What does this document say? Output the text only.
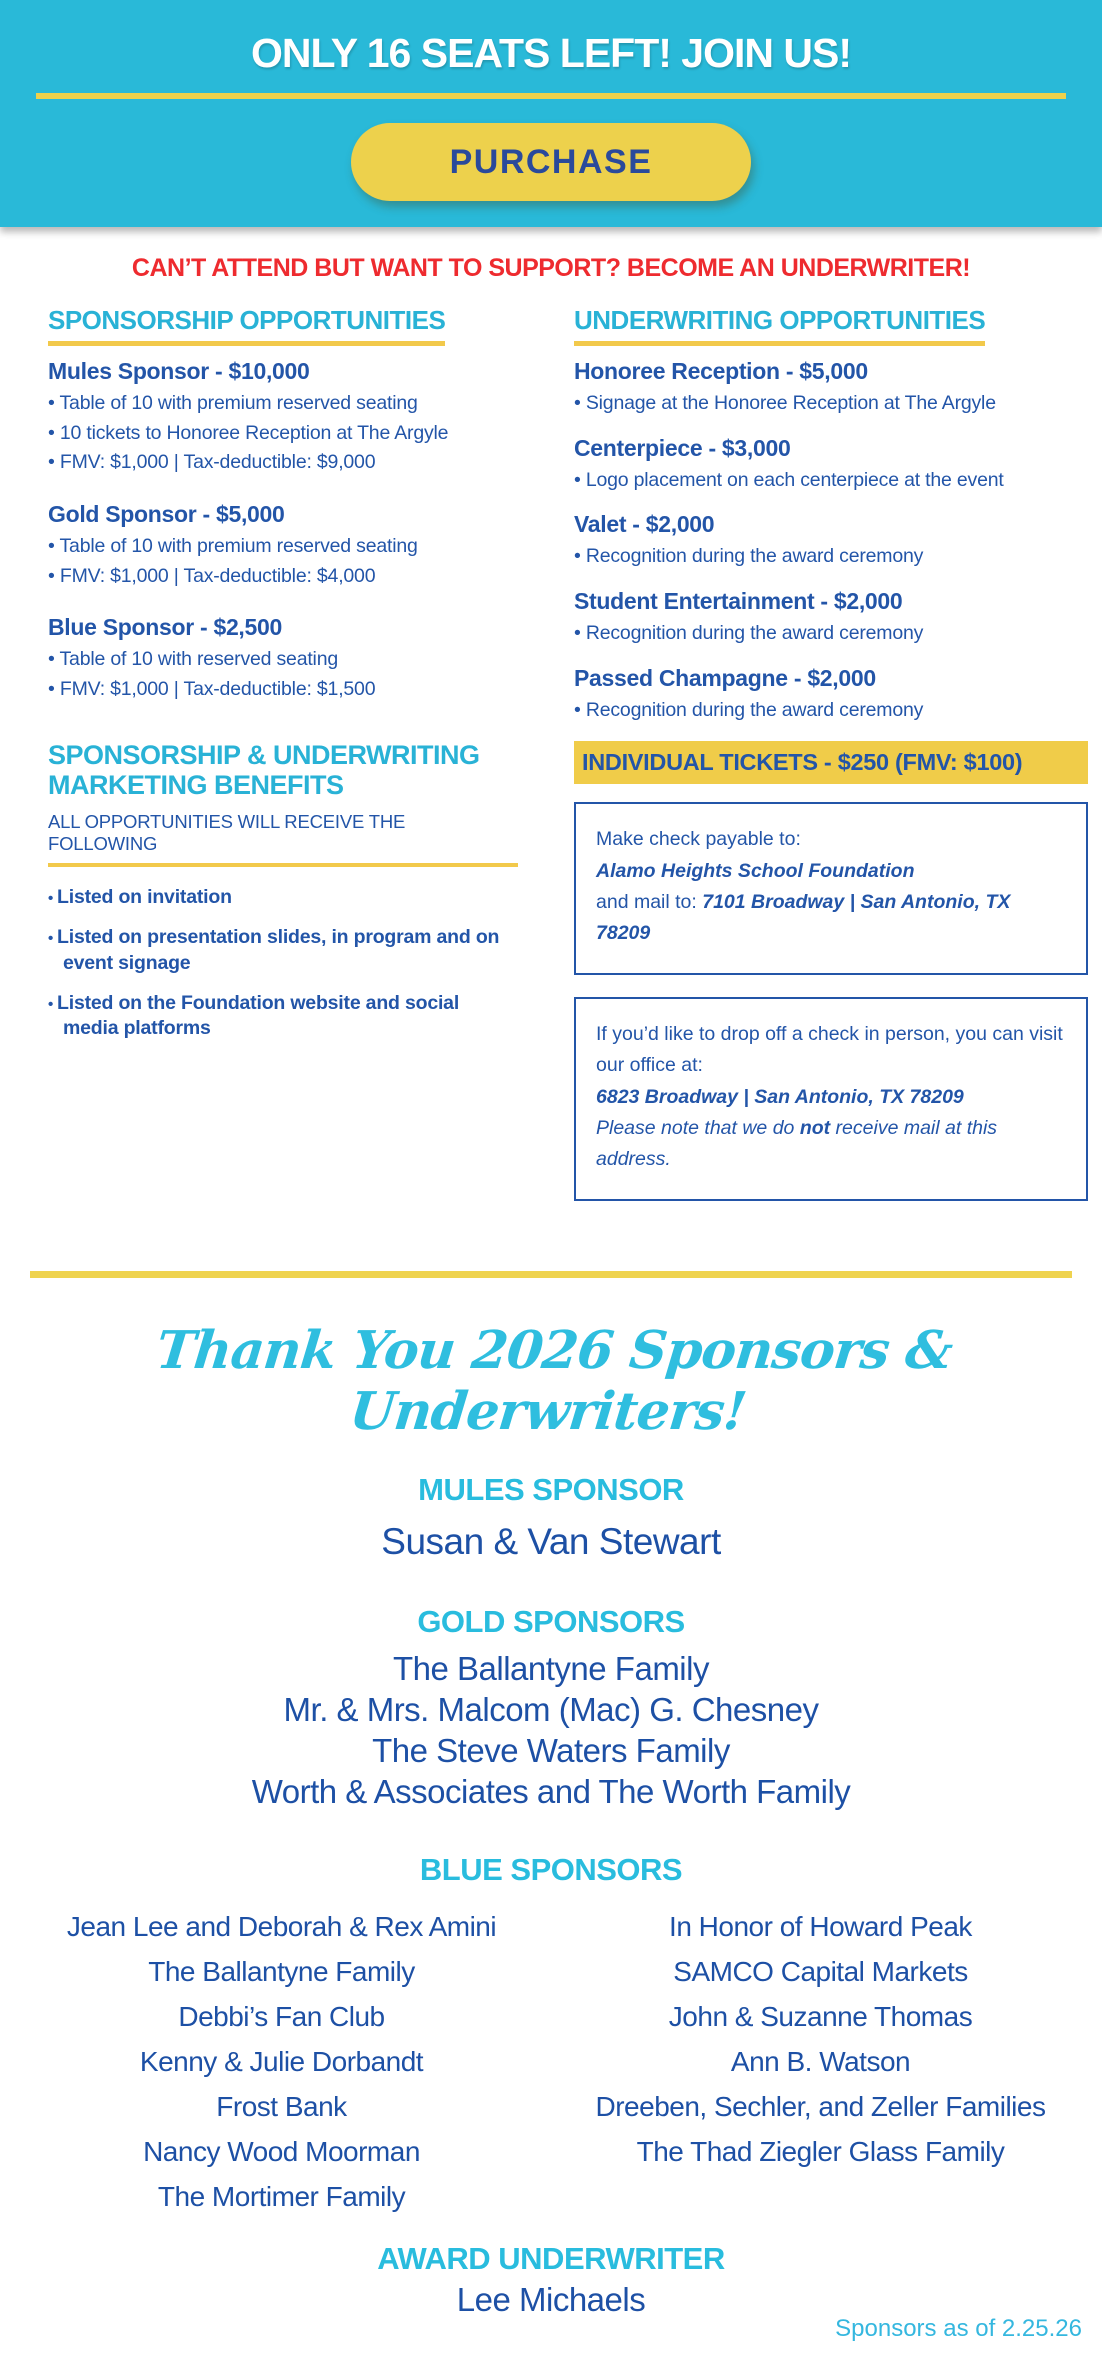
ONLY 16 SEATS LEFT! JOIN US!
PURCHASE

CAN’T ATTEND BUT WANT TO SUPPORT? BECOME AN UNDERWRITER!

SPONSORSHIP OPPORTUNITIES
Mules Sponsor - $10,000

• Table of 10 with premium reserved seating

• 10 tickets to Honoree Reception at The Argyle

• FMV: $1,000 | Tax-deductible: $9,000

Gold Sponsor - $5,000

• Table of 10 with premium reserved seating

• FMV: $1,000 | Tax-deductible: $4,000

Blue Sponsor - $2,500

• Table of 10 with reserved seating

• FMV: $1,000 | Tax-deductible: $1,500

SPONSORSHIP & UNDERWRITING
MARKETING BENEFITS

ALL OPPORTUNITIES WILL RECEIVE THE FOLLOWING

• Listed on invitation

• Listed on presentation slides, in program and on event signage

• Listed on the Foundation website and social media platforms

UNDERWRITING OPPORTUNITIES
Honoree Reception - $5,000

• Signage at the Honoree Reception at The Argyle

Centerpiece - $3,000

• Logo placement on each centerpiece at the event

Valet - $2,000

• Recognition during the award ceremony

Student Entertainment - $2,000

• Recognition during the award ceremony

Passed Champagne - $2,000

• Recognition during the award ceremony

INDIVIDUAL TICKETS - $250 (FMV: $100)

Make check payable to:

Alamo Heights School Foundation

and mail to: 7101 Broadway | San Antonio, TX 78209

If you’d like to drop off a check in person, you can visit our office at:

6823 Broadway | San Antonio, TX 78209

Please note that we do not receive mail at this address.

Thank You 2026 Sponsors & Underwriters!
MULES SPONSOR

Susan & Van Stewart

GOLD SPONSORS

The Ballantyne Family

Mr. & Mrs. Malcom (Mac) G. Chesney

The Steve Waters Family

Worth & Associates and The Worth Family

BLUE SPONSORS

Jean Lee and Deborah & Rex Amini

The Ballantyne Family

Debbi’s Fan Club

Kenny & Julie Dorbandt

Frost Bank

Nancy Wood Moorman

The Mortimer Family

In Honor of Howard Peak

SAMCO Capital Markets

John & Suzanne Thomas

Ann B. Watson

Dreeben, Sechler, and Zeller Families

The Thad Ziegler Glass Family

AWARD UNDERWRITER

Lee Michaels

Sponsors as of 2.25.26
